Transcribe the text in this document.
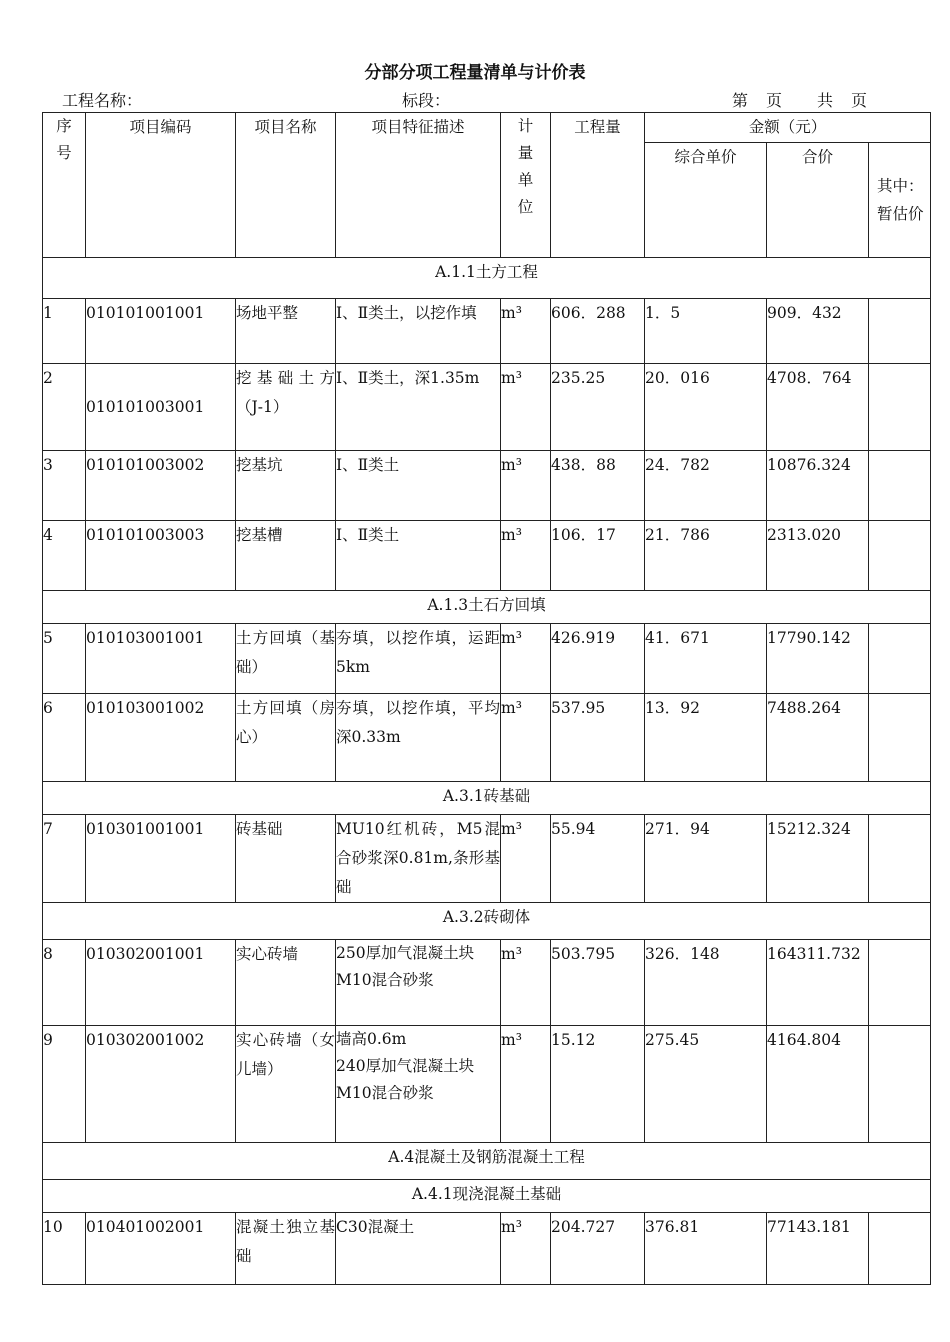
分部分项工程量清单与计价表
工程名称：	标段：	第　页　　共　页
序号	项目编码	项目名称	项目特征描述	计量单位	工程量	金额（元）		
						综合单价	合价	其中：暂估价
A.1.1土方工程								
1	010101001001	场地平整	Ⅰ、Ⅱ类土，以挖作填	m³	606．288	1．5	909．432	
2	010101003001	挖基础土方（J-1）	Ⅰ、Ⅱ类土，深1.35m	m³	235.25	20．016	4708．764	
3	010101003002	挖基坑	Ⅰ、Ⅱ类土	m³	438．88	24．782	10876.324	
4	010101003003	挖基槽	Ⅰ、Ⅱ类土	m³	106．17	21．786	2313.020	
A.1.3土石方回填								
5	010103001001	土方回填（基础）	夯填，以挖作填，运距5km	m³	426.919	41．671	17790.142	
6	010103001002	土方回填（房心）	夯填，以挖作填，平均深0.33m	m³	537.95	13．92	7488.264	
A.3.1砖基础								
7	010301001001	砖基础	MU10红机砖，M5混合砂浆深0.81m,条形基础	m³	55.94	271．94	15212.324	
A.3.2砖砌体								
8	010302001001	实心砖墙	250厚加气混凝土块
M10混合砂浆	m³	503.795	326．148	164311.732	
9	010302001002	实心砖墙（女儿墙）	墙高0.6m
240厚加气混凝土块
M10混合砂浆	m³	15.12	275.45	4164.804	
A.4混凝土及钢筋混凝土工程								
A.4.1现浇混凝土基础								
10	010401002001	混凝土独立基础	C30混凝土	m³	204.727	376.81	77143.181	
